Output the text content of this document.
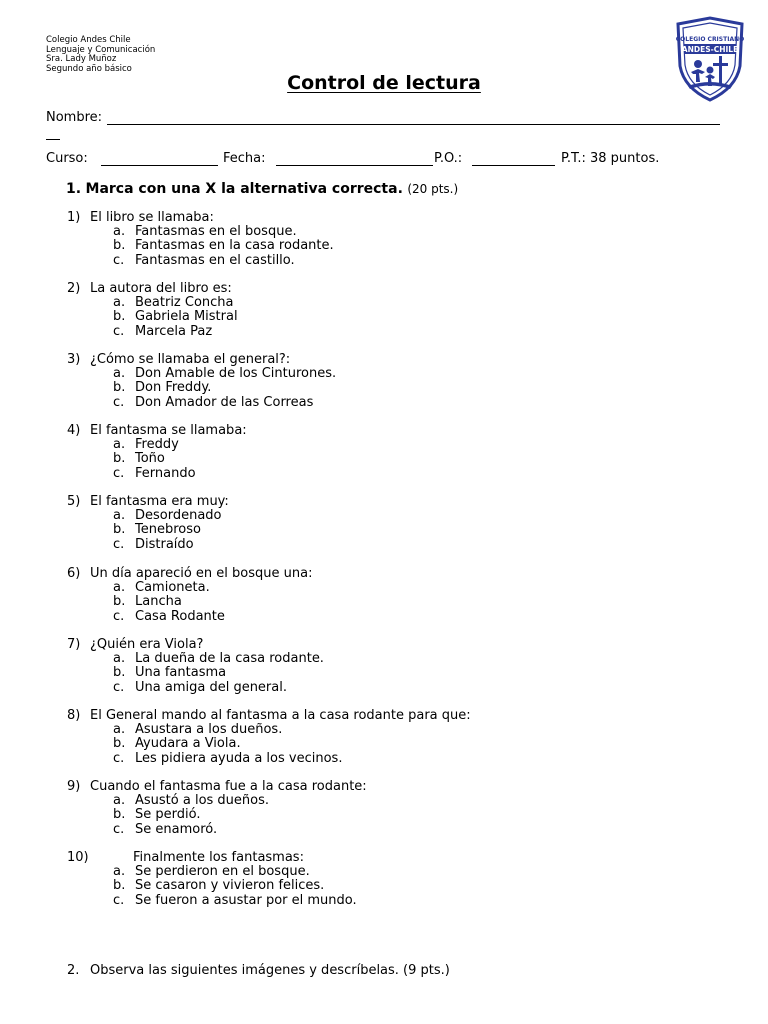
Colegio Andes Chile
Lenguaje y Comunicación
Sra. Lady Muñoz
Segundo año básico
COLEGIO CRISTIANO
ANDES-CHILE
Control de lectura
Nombre:
Curso:	Fecha:	P.O.:	P.T.: 38 puntos.
1. Marca con una X la alternativa correcta. (20 pts.)
1) El libro se llamaba:
a. Fantasmas en el bosque.
b. Fantasmas en la casa rodante.
c. Fantasmas en el castillo.
2) La autora del libro es:
a. Beatriz Concha
b. Gabriela Mistral
c. Marcela Paz
3) ¿Cómo se llamaba el general?:
a. Don Amable de los Cinturones.
b. Don Freddy.
c. Don Amador de las Correas
4) El fantasma se llamaba:
a. Freddy
b. Toño
c. Fernando
5) El fantasma era muy:
a. Desordenado
b. Tenebroso
c. Distraído
6) Un día apareció en el bosque una:
a. Camioneta.
b. Lancha
c. Casa Rodante
7) ¿Quién era Viola?
a. La dueña de la casa rodante.
b. Una fantasma
c. Una amiga del general.
8) El General mando al fantasma a la casa rodante para que:
a. Asustara a los dueños.
b. Ayudara a Viola.
c. Les pidiera ayuda a los vecinos.
9) Cuando el fantasma fue a la casa rodante:
a. Asustó a los dueños.
b. Se perdió.
c. Se enamoró.
10)	Finalmente los fantasmas:
a. Se perdieron en el bosque.
b. Se casaron y vivieron felices.
c. Se fueron a asustar por el mundo.
2. Observa las siguientes imágenes y descríbelas. (9 pts.)
